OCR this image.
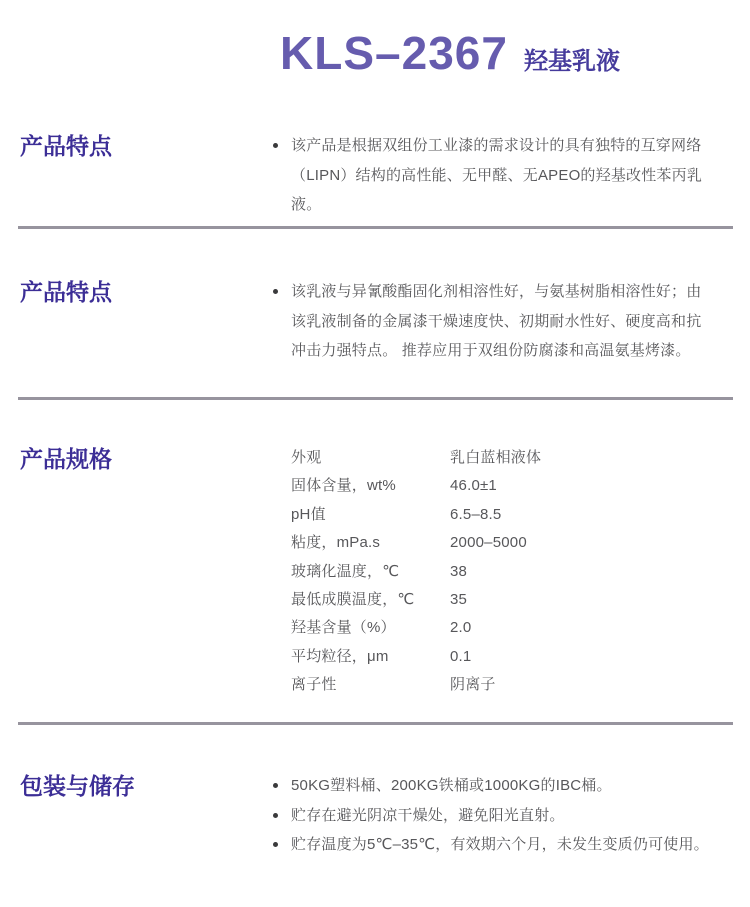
KLS–2367 羟基乳液
产品特点	该产品是根据双组份工业漆的需求设计的具有独特的互穿网络（LIPN）结构的高性能、无甲醛、无APEO的羟基改性苯丙乳液。
产品特点	该乳液与异氰酸酯固化剂相溶性好，与氨基树脂相溶性好；由该乳液制备的金属漆干燥速度快、初期耐水性好、硬度高和抗冲击力强特点。 推荐应用于双组份防腐漆和高温氨基烤漆。
产品规格	外观	乳白蓝相液体
固体含量，wt%	46.0±1
pH值	6.5–8.5
粘度，mPa.s	2000–5000
玻璃化温度，℃	38
最低成膜温度，℃	35
羟基含量（%）	2.0
平均粒径，μm	0.1
离子性	阴离子
包装与储存	50KG塑料桶、200KG铁桶或1000KG的IBC桶。
贮存在避光阴凉干燥处，避免阳光直射。
贮存温度为5℃–35℃，有效期六个月，未发生变质仍可使用。
